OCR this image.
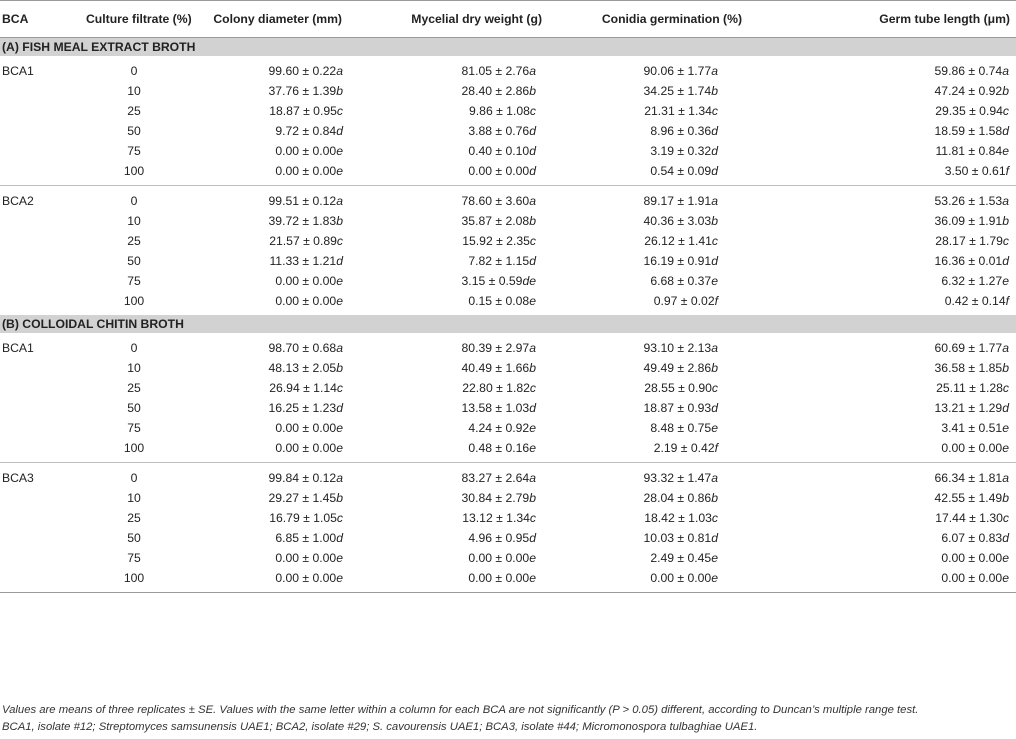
BCA	Culture filtrate (%)	Colony diameter (mm)	Mycelial dry weight (g)	Conidia germination (%)	Germ tube length (μm)
(A) FISH MEAL EXTRACT BROTH					
BCA1	0	99.60 ± 0.22a	81.05 ± 2.76a	90.06 ± 1.77a	59.86 ± 0.74a
	10	37.76 ± 1.39b	28.40 ± 2.86b	34.25 ± 1.74b	47.24 ± 0.92b
	25	18.87 ± 0.95c	9.86 ± 1.08c	21.31 ± 1.34c	29.35 ± 0.94c
	50	9.72 ± 0.84d	3.88 ± 0.76d	8.96 ± 0.36d	18.59 ± 1.58d
	75	0.00 ± 0.00e	0.40 ± 0.10d	3.19 ± 0.32d	11.81 ± 0.84e
	100	0.00 ± 0.00e	0.00 ± 0.00d	0.54 ± 0.09d	3.50 ± 0.61f
BCA2	0	99.51 ± 0.12a	78.60 ± 3.60a	89.17 ± 1.91a	53.26 ± 1.53a
	10	39.72 ± 1.83b	35.87 ± 2.08b	40.36 ± 3.03b	36.09 ± 1.91b
	25	21.57 ± 0.89c	15.92 ± 2.35c	26.12 ± 1.41c	28.17 ± 1.79c
	50	11.33 ± 1.21d	7.82 ± 1.15d	16.19 ± 0.91d	16.36 ± 0.01d
	75	0.00 ± 0.00e	3.15 ± 0.59de	6.68 ± 0.37e	6.32 ± 1.27e
	100	0.00 ± 0.00e	0.15 ± 0.08e	0.97 ± 0.02f	0.42 ± 0.14f
(B) COLLOIDAL CHITIN BROTH					
BCA1	0	98.70 ± 0.68a	80.39 ± 2.97a	93.10 ± 2.13a	60.69 ± 1.77a
	10	48.13 ± 2.05b	40.49 ± 1.66b	49.49 ± 2.86b	36.58 ± 1.85b
	25	26.94 ± 1.14c	22.80 ± 1.82c	28.55 ± 0.90c	25.11 ± 1.28c
	50	16.25 ± 1.23d	13.58 ± 1.03d	18.87 ± 0.93d	13.21 ± 1.29d
	75	0.00 ± 0.00e	4.24 ± 0.92e	8.48 ± 0.75e	3.41 ± 0.51e
	100	0.00 ± 0.00e	0.48 ± 0.16e	2.19 ± 0.42f	0.00 ± 0.00e
BCA3	0	99.84 ± 0.12a	83.27 ± 2.64a	93.32 ± 1.47a	66.34 ± 1.81a
	10	29.27 ± 1.45b	30.84 ± 2.79b	28.04 ± 0.86b	42.55 ± 1.49b
	25	16.79 ± 1.05c	13.12 ± 1.34c	18.42 ± 1.03c	17.44 ± 1.30c
	50	6.85 ± 1.00d	4.96 ± 0.95d	10.03 ± 0.81d	6.07 ± 0.83d
	75	0.00 ± 0.00e	0.00 ± 0.00e	2.49 ± 0.45e	0.00 ± 0.00e
	100	0.00 ± 0.00e	0.00 ± 0.00e	0.00 ± 0.00e	0.00 ± 0.00e
Values are means of three replicates ± SE. Values with the same letter within a column for each BCA are not significantly (P > 0.05) different, according to Duncan’s multiple range test.
BCA1, isolate #12; Streptomyces samsunensis UAE1; BCA2, isolate #29; S. cavourensis UAE1; BCA3, isolate #44; Micromonospora tulbaghiae UAE1.
